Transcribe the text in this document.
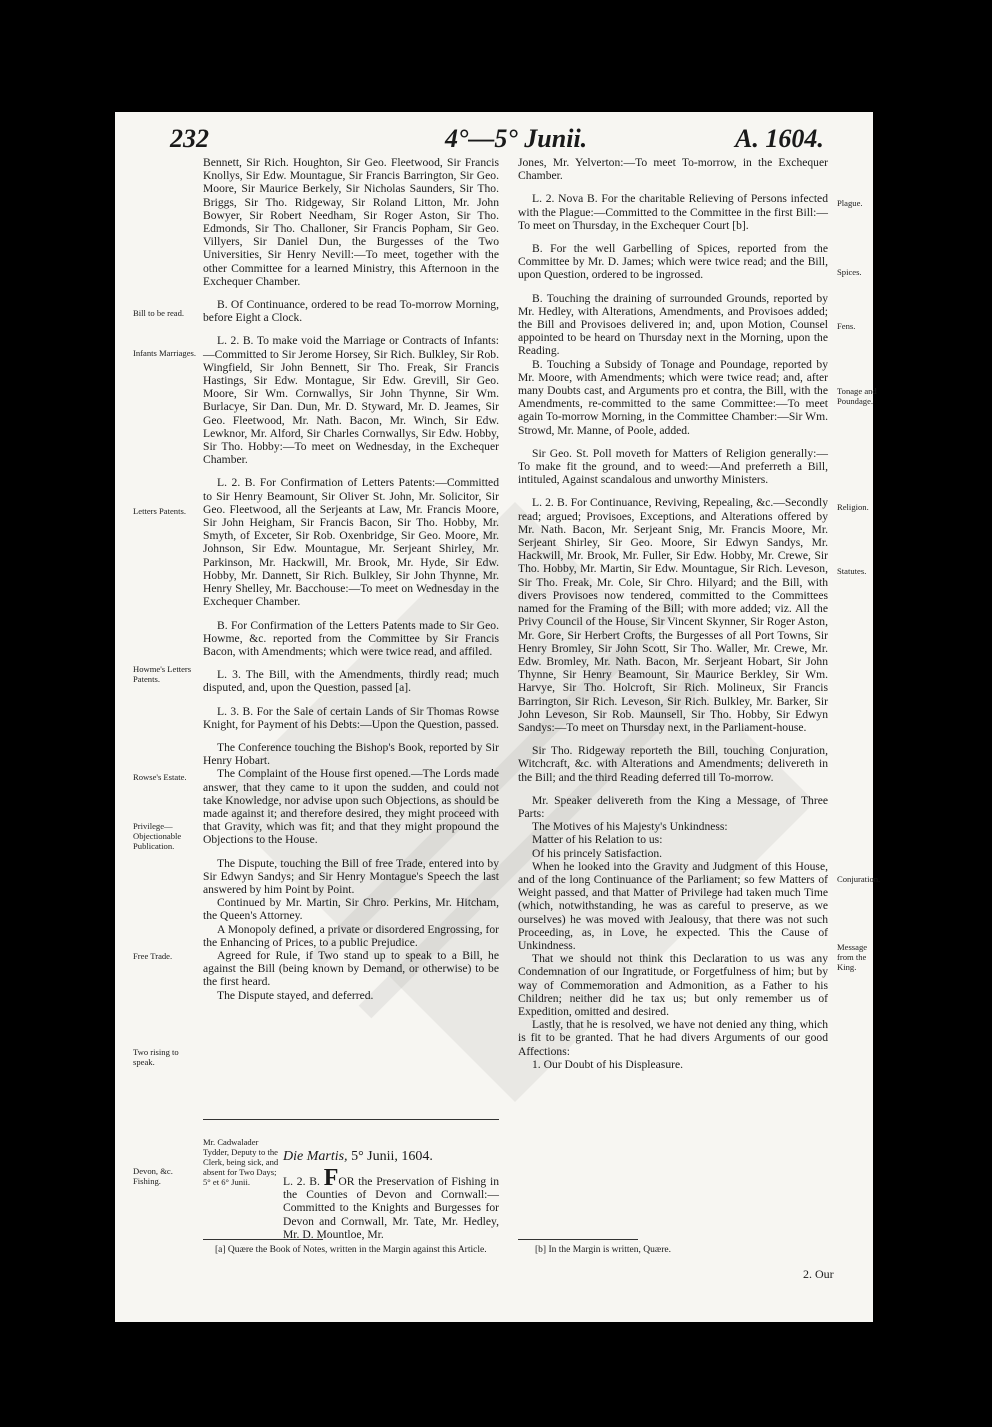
232	4°—5° Junii.	A. 1604.

Bennett, Sir Rich. Houghton, Sir Geo. Fleetwood, Sir Francis Knollys, Sir Edw. Mountague, Sir Francis Barrington, Sir Geo. Moore, Sir Maurice Berkely, Sir Nicholas Saunders, Sir Tho. Briggs, Sir Tho. Ridgeway, Sir Roland Litton, Mr. John Bowyer, Sir Robert Needham, Sir Roger Aston, Sir Tho. Edmonds, Sir Tho. Challoner, Sir Francis Popham, Sir Geo. Villyers, Sir Daniel Dun, the Burgesses of the Two Universities, Sir Henry Nevill:—To meet, together with the other Committee for a learned Ministry, this Afternoon in the Exchequer Chamber.

B. Of Continuance, ordered to be read To-morrow Morning, before Eight a Clock.

L. 2. B. To make void the Marriage or Contracts of Infants:—Committed to Sir Jerome Horsey, Sir Rich. Bulkley, Sir Rob. Wingfield, Sir John Bennett, Sir Tho. Freak, Sir Francis Hastings, Sir Edw. Montague, Sir Edw. Grevill, Sir Geo. Moore, Sir Wm. Cornwallys, Sir John Thynne, Sir Wm. Burlacye, Sir Dan. Dun, Mr. D. Styward, Mr. D. Jeames, Sir Geo. Fleetwood, Mr. Nath. Bacon, Mr. Winch, Sir Edw. Lewknor, Mr. Alford, Sir Charles Cornwallys, Sir Edw. Hobby, Sir Tho. Hobby:—To meet on Wednesday, in the Exchequer Chamber.

L. 2. B. For Confirmation of Letters Patents:—Committed to Sir Henry Beamount, Sir Oliver St. John, Mr. Solicitor, Sir Geo. Fleetwood, all the Serjeants at Law, Mr. Francis Moore, Sir John Heigham, Sir Francis Bacon, Sir Tho. Hobby, Mr. Smyth, of Exceter, Sir Rob. Oxenbridge, Sir Geo. Moore, Mr. Johnson, Sir Edw. Mountague, Mr. Serjeant Shirley, Mr. Parkinson, Mr. Hackwill, Mr. Brook, Mr. Hyde, Sir Edw. Hobby, Mr. Dannett, Sir Rich. Bulkley, Sir John Thynne, Mr. Henry Shelley, Mr. Bacchouse:—To meet on Wednesday in the Exchequer Chamber.

B. For Confirmation of the Letters Patents made to Sir Geo. Howme, &c. reported from the Committee by Sir Francis Bacon, with Amendments; which were twice read, and affiled.

L. 3. The Bill, with the Amendments, thirdly read; much disputed, and, upon the Question, passed [a].

L. 3. B. For the Sale of certain Lands of Sir Thomas Rowse Knight, for Payment of his Debts:—Upon the Question, passed.

The Conference touching the Bishop's Book, reported by Sir Henry Hobart.

The Complaint of the House first opened.—The Lords made answer, that they came to it upon the sudden, and could not take Knowledge, nor advise upon such Objections, as should be made against it; and therefore desired, they might proceed with that Gravity, which was fit; and that they might propound the Objections to the House.

The Dispute, touching the Bill of free Trade, entered into by Sir Edwyn Sandys; and Sir Henry Montague's Speech the last answered by him Point by Point.

Continued by Mr. Martin, Sir Chro. Perkins, Mr. Hitcham, the Queen's Attorney.

A Monopoly defined, a private or disordered Engrossing, for the Enhancing of Prices, to a public Prejudice.

Agreed for Rule, if Two stand up to speak to a Bill, he against the Bill (being known by Demand, or otherwise) to be the first heard.

The Dispute stayed, and deferred.

Bill to be read.
Infants Marriages.
Letters Patents.
Howme's Letters Patents.
Rowse's Estate.
Privilege—Objectionable Publication.
Free Trade.
Two rising to speak.
Mr. Cadwalader Tydder, Deputy to the Clerk, being sick, and absent for Two Days; 5° et 6° Junii.
Die Martis, 5° Junii, 1604.
Devon, &c. Fishing.	L. 2. B. FOR the Preservation of Fishing in the Counties of Devon and Cornwall:—Committed to the Knights and Burgesses for Devon and Cornwall, Mr. Tate, Mr. Hedley, Mr. D. Mountloe, Mr.
[a] Quære the Book of Notes, written in the Margin against this Article.

Jones, Mr. Yelverton:—To meet To-morrow, in the Exchequer Chamber.

L. 2. Nova B. For the charitable Relieving of Persons infected with the Plague:—Committed to the Committee in the first Bill:—To meet on Thursday, in the Exchequer Court [b].

B. For the well Garbelling of Spices, reported from the Committee by Mr. D. James; which were twice read; and the Bill, upon Question, ordered to be ingrossed.

B. Touching the draining of surrounded Grounds, reported by Mr. Hedley, with Alterations, Amendments, and Provisoes added; the Bill and Provisoes delivered in; and, upon Motion, Counsel appointed to be heard on Thursday next in the Morning, upon the Reading.

B. Touching a Subsidy of Tonage and Poundage, reported by Mr. Moore, with Amendments; which were twice read; and, after many Doubts cast, and Arguments pro et contra, the Bill, with the Amendments, re-committed to the same Committee:—To meet again To-morrow Morning, in the Committee Chamber:—Sir Wm. Strowd, Mr. Manne, of Poole, added.

Sir Geo. St. Poll moveth for Matters of Religion generally:—To make fit the ground, and to weed:—And preferreth a Bill, intituled, Against scandalous and unworthy Ministers.

L. 2. B. For Continuance, Reviving, Repealing, &c.—Secondly read; argued; Provisoes, Exceptions, and Alterations offered by Mr. Nath. Bacon, Mr. Serjeant Snig, Mr. Francis Moore, Mr. Serjeant Shirley, Sir Geo. Moore, Sir Edwyn Sandys, Mr. Hackwill, Mr. Brook, Mr. Fuller, Sir Edw. Hobby, Mr. Crewe, Sir Tho. Hobby, Mr. Martin, Sir Edw. Mountague, Sir Rich. Leveson, Sir Tho. Freak, Mr. Cole, Sir Chro. Hilyard; and the Bill, with divers Provisoes now tendered, committed to the Committees named for the Framing of the Bill; with more added; viz. All the Privy Council of the House, Sir Vincent Skynner, Sir Roger Aston, Mr. Gore, Sir Herbert Crofts, the Burgesses of all Port Towns, Sir Henry Bromley, Sir John Scott, Sir Tho. Waller, Mr. Crewe, Mr. Edw. Bromley, Mr. Nath. Bacon, Mr. Serjeant Hobart, Sir John Thynne, Sir Henry Beamount, Sir Maurice Berkley, Sir Wm. Harvye, Sir Tho. Holcroft, Sir Rich. Molineux, Sir Francis Barrington, Sir Rich. Leveson, Sir Rich. Bulkley, Mr. Barker, Sir John Leveson, Sir Rob. Maunsell, Sir Tho. Hobby, Sir Edwyn Sandys:—To meet on Thursday next, in the Parliament-house.

Sir Tho. Ridgeway reporteth the Bill, touching Conjuration, Witchcraft, &c. with Alterations and Amendments; delivereth in the Bill; and the third Reading deferred till To-morrow.

Mr. Speaker delivereth from the King a Message, of Three Parts:

The Motives of his Majesty's Unkindness:

Matter of his Relation to us:

Of his princely Satisfaction.

When he looked into the Gravity and Judgment of this House, and of the long Continuance of the Parliament; so few Matters of Weight passed, and that Matter of Privilege had taken much Time (which, notwithstanding, he was as careful to preserve, as we ourselves) he was moved with Jealousy, that there was not such Proceeding, as, in Love, he expected. This the Cause of Unkindness.

That we should not think this Declaration to us was any Condemnation of our Ingratitude, or Forgetfulness of him; but by way of Commemoration and Admonition, as a Father to his Children; neither did he tax us; but only remember us of Expedition, omitted and desired.

Lastly, that he is resolved, we have not denied any thing, which is fit to be granted. That he had divers Arguments of our good Affections:

1. Our Doubt of his Displeasure.

Plague.
Spices.
Fens.
Tonage and Poundage.
Religion.
Statutes.
Conjuration.
Message from the King.
[b] In the Margin is written, Quære.
2. Our
